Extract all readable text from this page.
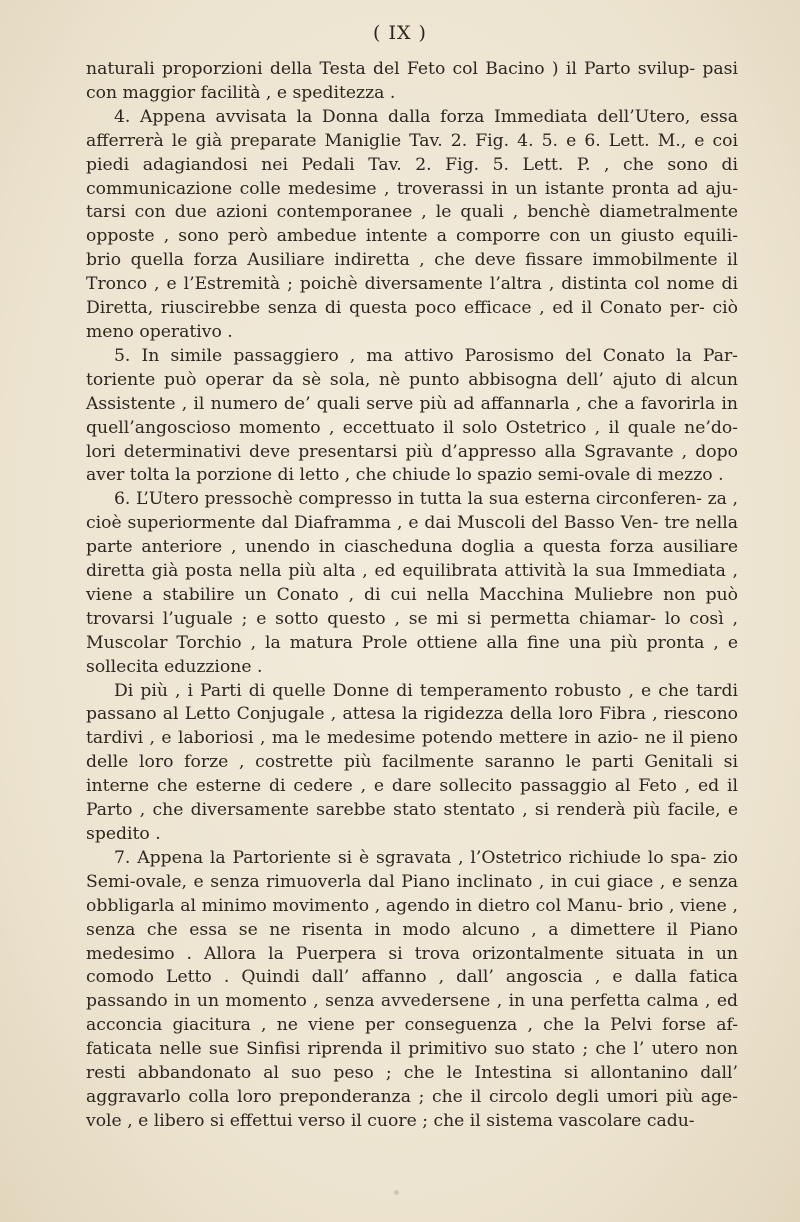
( IX )

naturali proporzioni della Testa del Feto col Bacino ) il Parto svilup- pasi con maggior facilità , e speditezza .

4. Appena avvisata la Donna dalla forza Immediata dell’Utero, essa afferrerà le già preparate Maniglie Tav. 2. Fig. 4. 5. e 6. Lett. M., e coi piedi adagiandosi nei Pedali Tav. 2. Fig. 5. Lett. P. , che sono di communicazione colle medesime , troverassi in un istante pronta ad aju- tarsi con due azioni contemporanee , le quali , benchè diametralmente opposte , sono però ambedue intente a comporre con un giusto equili- brio quella forza Ausiliare indiretta , che deve fissare immobilmente il Tronco , e l’Estremità ; poichè diversamente l’altra , distinta col nome di Diretta, riuscirebbe senza di questa poco efficace , ed il Conato per- ciò meno operativo .

5. In simile passaggiero , ma attivo Parosismo del Conato la Par- toriente può operar da sè sola, nè punto abbisogna dell’ ajuto di alcun Assistente , il numero de’ quali serve più ad affannarla , che a favorirla in quell’angoscioso momento , eccettuato il solo Ostetrico , il quale ne’do- lori determinativi deve presentarsi più d’appresso alla Sgravante , dopo aver tolta la porzione di letto , che chiude lo spazio semi-ovale di mezzo .

6. L’Utero pressochè compresso in tutta la sua esterna circonferen- za , cioè superiormente dal Diaframma , e dai Muscoli del Basso Ven- tre nella parte anteriore , unendo in ciascheduna doglia a questa forza ausiliare diretta già posta nella più alta , ed equilibrata attività la sua Immediata , viene a stabilire un Conato , di cui nella Macchina Muliebre non può trovarsi l’uguale ; e sotto questo , se mi si permetta chiamar- lo così , Muscolar Torchio , la matura Prole ottiene alla fine una più pronta , e sollecita eduzzione .

Di più , i Parti di quelle Donne di temperamento robusto , e che tardi passano al Letto Conjugale , attesa la rigidezza della loro Fibra , riescono tardivi , e laboriosi , ma le medesime potendo mettere in azio- ne il pieno delle loro forze , costrette più facilmente saranno le parti Genitali si interne che esterne di cedere , e dare sollecito passaggio al Feto , ed il Parto , che diversamente sarebbe stato stentato , si renderà più facile, e spedito .

7. Appena la Partoriente si è sgravata , l’Ostetrico richiude lo spa- zio Semi-ovale, e senza rimuoverla dal Piano inclinato , in cui giace , e senza obbligarla al minimo movimento , agendo in dietro col Manu- brio , viene , senza che essa se ne risenta in modo alcuno , a dimettere il Piano medesimo . Allora la Puerpera si trova orizontalmente situata in un comodo Letto . Quindi dall’ affanno , dall’ angoscia , e dalla fatica passando in un momento , senza avvedersene , in una perfetta calma , ed acconcia giacitura , ne viene per conseguenza , che la Pelvi forse af- faticata nelle sue Sinfisi riprenda il primitivo suo stato ; che l’ utero non resti abbandonato al suo peso ; che le Intestina si allontanino dall’ aggravarlo colla loro preponderanza ; che il circolo degli umori più age- vole , e libero si effettui verso il cuore ; che il sistema vascolare cadu-
